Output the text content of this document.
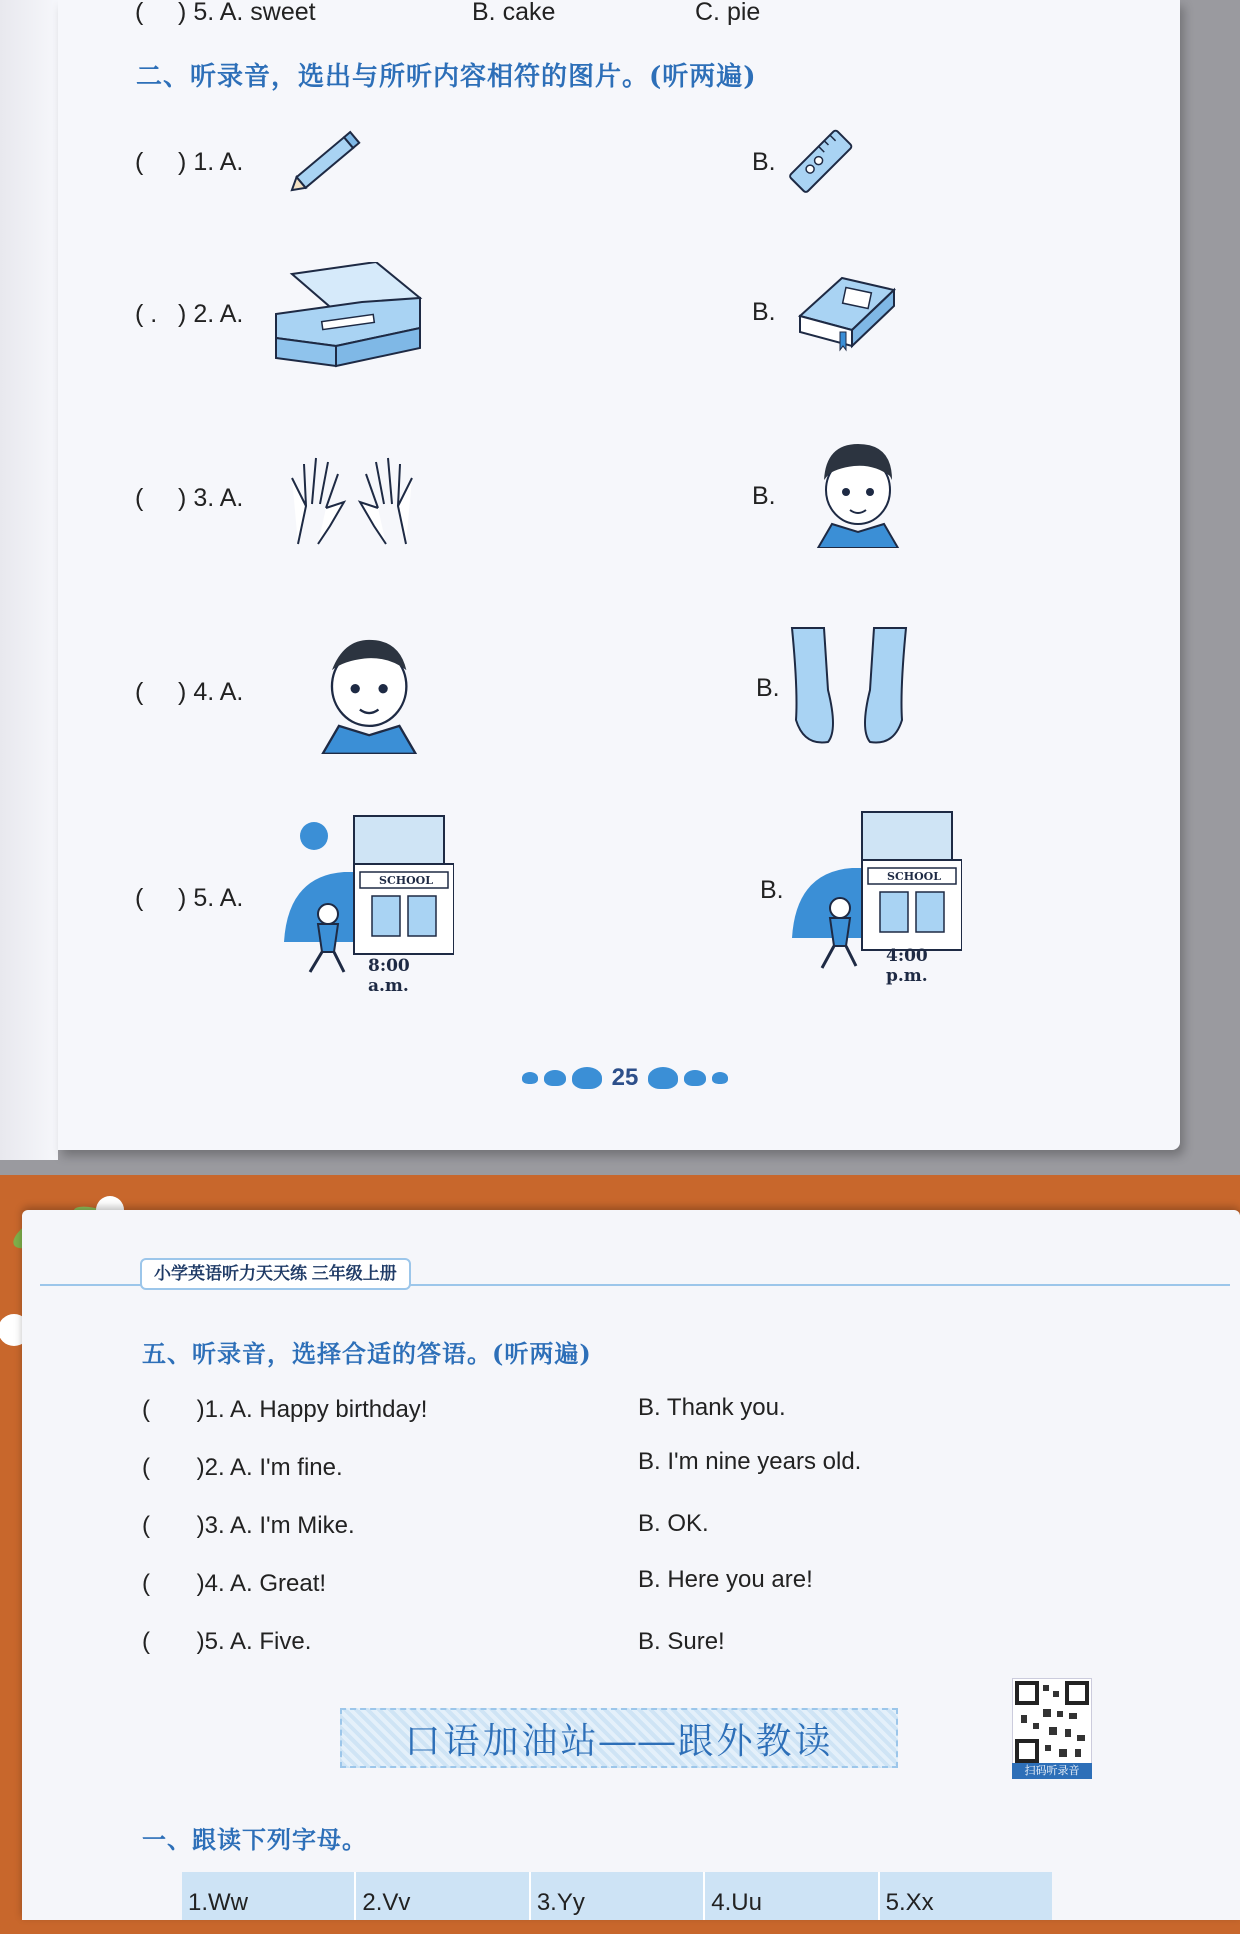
(     ) 5. A. sweet	B. cake	C. pie
二、听录音，选出与所听内容相符的图片。(听两遍)
(     ) 1. A.	B.
( .   ) 2. A.	B.
(     ) 3. A.	B.
(     ) 4. A.	B.
(     ) 5. A.
SCHOOL
8:00 a.m.
B.	SCHOOL
4:00 p.m.
25
小学英语听力天天练 三年级上册
五、听录音，选择合适的答语。(听两遍)
(       )1. A. Happy birthday!	B. Thank you.
(       )2. A. I'm fine.	B. I'm nine years old.
(       )3. A. I'm Mike.	B. OK.
(       )4. A. Great!	B. Here you are!
(       )5. A. Five.	B. Sure!
口语加油站——跟外教读
扫码听录音
一、跟读下列字母。
1.Ww	2.Vv	3.Yy	4.Uu	5.Xx
